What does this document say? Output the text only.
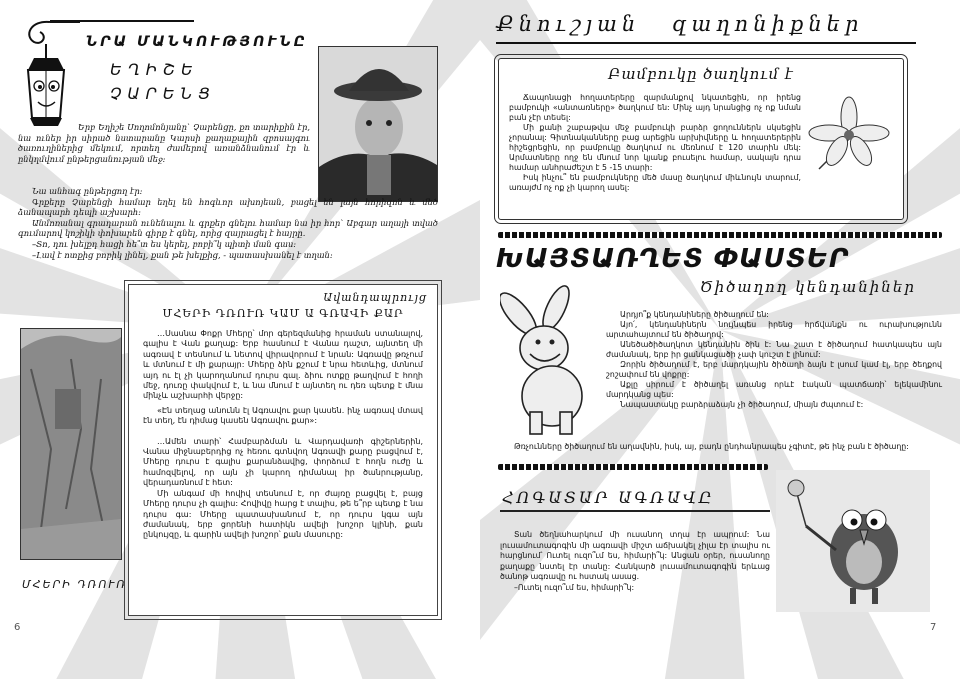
ՆՐԱ ՄԱՆԿՈՒԹՅՈՒՆԸ
ԵՂԻՇԵ
ՉԱՐԵՆՑ

Երբ Եղիշե Սողոմոնյանը՝ Չարենցը, քո տարիքին էր, նա ուներ իր սիրած նստարանը Կարսի քաղաքային զբոսայգու ծառուղիներից մեկում, որտեղ ժամերով առանձնանում էր և ընկղմվում ընթերցանության մեջ:

Նա անհագ ընթերցող էր:

Գրքերը Չարենցի համար եղել են հոգևոր ախոյեան, բացել են լայն հորիզոն և մեծ ձանապարհ դեպի աշխարհ:

Անմոռանալ գրադարան ունենալու և գրքեր գնելու համար նա իր հոր՝ Աբգար աղայի տված գումարով կոշիկի փոխարեն գիրք է գնել, որից զայրացել է հայրը.

–Տո, դու խելքդ հացի հե՞տ ես կերել, բոբի՞կ պիտի ման գաս:

–Լավ է ոտքից բոբիկ լինել, քան թե խելքից, - պատասխանել է տղան:

ՄՀԵՐԻ ԴՌՈՒՌ
Ավանդապրույց
ՄՀԵՐԻ ԴՌՈՒՌ ԿԱՄ Ա ԳՌԱՎԻ ՔԱՐ

…Սասնա Փոքր Մհերը՝ մոր գերեզմանից հրաման ստանալով, գալիս է Վան քաղաք: Երբ հասնում է Վանա դաշտ, այնտեղ մի ագռավ է տեսնում և նետով վիրավորում է նրան: Ագռավը թռչում և մտնում է մի քարայր: Մհերը ձին քշում է նրա հետևից, մտնում այդ ու էլ չի կարողանում դուրս գալ. ձիու ոտքը թաղվում է հողի մեջ, դուռը փակվում է, և նա մնում է այնտեղ ու դեռ պետք է մնա մինչև աշխարհի վերջը:

«Էն տեղաց անունն էլ Ագռավու քար կասեն. ինչ ագռավ մտավ էն տեղ, էն դիմաց կասեն Ագռավու քար»:

…Ամեն տարի՝ Համբարձման և Վարդավառի գիշերներին, Վանա միջնաբերդից ոչ հեռու գտնվող Ագռավի քարը բացվում է, Մհերը դուրս է գալիս քարանձավից, փորձում է հողն ուժը և համոզվելով, որ այն չի կարող դիմանալ իր ծանրությանը, վերադառնում է հետ:

Մի անգամ մի հովիվ տեսնում է, որ ժայռը բացվել է, բայց Մհերը դուրս չի գալիս: Հովիվը հարց է տալիս, թե ե՞րբ պետք է նա դուրս գա: Մհերը պատասխանում է, որ դուրս կգա այն ժամանակ, երբ ցորենի հատիկն ավելի խոշոր կլինի, քան ընկույզը, և գարին ավելի խոշոր՝ քան մասուրը:

6
Քնուշյան զաղոնիքներ
Բամբուկը ծաղկում է

Ճապոնացի հողատերերը զարմանքով նկատեցին, որ իրենց բամբուկի «անտառները» ծաղկում են: Մինչ այդ նրանցից ոչ ոք նման բան չէր տեսել:

Մի քանի շաբաթվա մեջ բամբուկի բարձր ցողուններն սկսեցին չորանալ: Գիտնականները բաց արեցին արխիվները և հողատերերին հիշեցրեցին, որ բամբուկը ծաղկում ու մեռնում է 120 տարին մեկ: Արմատները ողջ են մնում նոր կյանք բուսելու համար, սակայն դրա համար անհրաժեշտ է 5 -15 տարի:

Իսկ ինչու՞ են բամբուկները մեծ մասը ծաղկում միևնույն տարում, առայժմ ոչ ոք չի կարող ասել:

ԽԱՅՏԱՌՂԵՏ ՓԱՍՏԵՐ
Ծիծաղող կենդանիներ

Արդյո՞ք կենդանիները ծիծաղում են:

Այո՛, կենդանիներն նույնպես իրենց հրճվանքն ու ուրախությունն արտահայտում են ծիծաղով:

Անեծածիծաղկոտ կենդանին ծին է: Նա շատ է ծիծաղում հատկապես այն ժամանակ, երբ իր ցանկացածի չափ կուշտ է լինում:

Զորին ծիծաղում է, երբ մարդկային ծիծաղի ձայն է լսում կամ էլ, երբ ծեղքով շոշափում են վոքրը:

Աքլը սիրում է ծիծաղել առանց որևէ էական պատճառի՝ ելեկամինու մարդկանց պես:

Նապաստակը բարձրաձայն չի ծիծաղում, միայն ժպտում է:

Թռչունները ծիծաղում են աղավնին, իսկ, այ, բադն ընդհանրապես չգիտէ, թե ինչ բան է ծիծաղը:

ՀՈԳԱՏԱՐ ԱԳՌԱՎԸ

Տան ծեղնահարկում մի ուսանող տղա էր ապրում: Նա լուսամուտագոգին մի ագռավի միշտ աճխակել չիլա էր տալիս ու հարցնում՝ Ուտել ուզո՞ւմ ես, հիմարի՞կ: Անցան օրեր, ուսանողը քաղաքը նստել էր տանը: Հանկարծ լուսամուտագոգին երևաց ծանոթ ագռավը ու հստակ ասաց.

–Ուտել ուզո՞ւմ ես, հիմարի՞կ:

7
